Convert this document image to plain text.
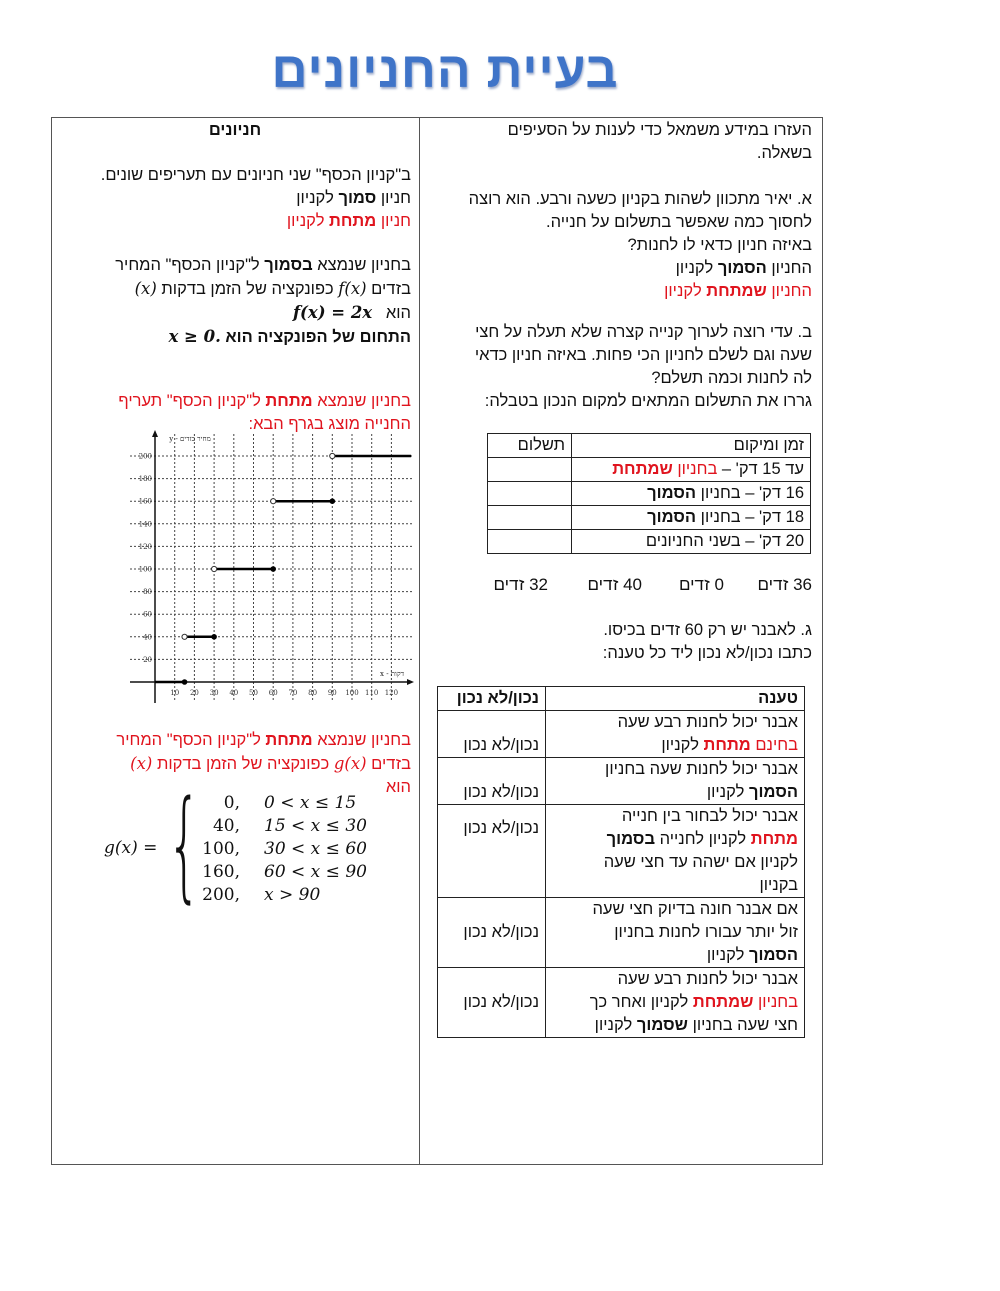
בעיית החניונים
העזרו במידע משמאל כדי לענות על הסעיפים
בשאלה.
א. יאיר מתכוון לשהות בקניון כשעה ורבע. הוא רוצה
לחסוך כמה שאפשר בתשלום על חנייה.
באיזה חניון כדאי לו לחנות?
החניון הסמוך לקניון
החניון שמתחת לקניון
ב. עדי רוצה לערוך קנייה קצרה שלא תעלה על חצי
שעה וגם לשלם לחניון הכי פחות. באיזה חניון כדאי
לה לחנות וכמה תשלם?
גררו את התשלום המתאים למקום הנכון בטבלה:
זמן ומיקום	תשלום

עד 15 דק' – בחניון שמתחת	

16 דק' – בחניון הסמוך	

18 דק' – בחניון הסמוך	

20 דק' – בשני החניונים	

36 זדים
0 זדים
40 זדים
32 זדים
ג. לאבנר יש רק 60 זדים בכיסו.
כתבו נכון/לא נכון ליד כל טענה:
טענה	נכון/לא נכון

אבנר יכול לחנות רבע שעה
בחינם מתחת לקניון	נכון/לא נכון

אבנר יכול לחנות שעה בחניון
הסמוך לקניון	נכון/לא נכון

אבנר יכול לבחור בין חנייה
מתחת לקניון לחנייה בסמוך
לקניון אם ישהה עד חצי שעה
בקניון	נכון/לא נכון

אם אבנר חונה בדיוק חצי שעה
זול יותר עבורו לחנות בחניון
הסמוך לקניון	נכון/לא נכון

אבנר יכול לחנות רבע שעה
בחניון שמתחת לקניון ואחר כך
חצי שעה בחניון שסמוך לקניון	נכון/לא נכון
חניונים
ב"קניון הכסף" שני חניונים עם תעריפים שונים.
חניון סמוך לקניון
חניון מתחת לקניון
בחניון שנמצא בסמוך ל"קניון הכסף" המחיר
בזדים f(x) כפונקציה של הזמן בדקות (x)
הוא   f(x) = 2x
התחום של הפונקציה הוא x ≥ 0.
בחניון שנמצא מתחת ל"קניון הכסף" תעריף
החנייה מוצג בגרף הבא:
10 20 30 40 50 60 70 80 90 100 110 120
20
40
60
80
100
120
140
160
180
200
x - דקות
y - מחיר בזדים
בחניון שנמצא מתחת ל"קניון הכסף" המחיר
בזדים g(x) כפונקציה של הזמן בדקות (x)
הוא
g(x) = {	0,	0 < x ≤ 15
40,	15 < x ≤ 30
100,	30 < x ≤ 60
160,	60 < x ≤ 90
200,	x > 90
